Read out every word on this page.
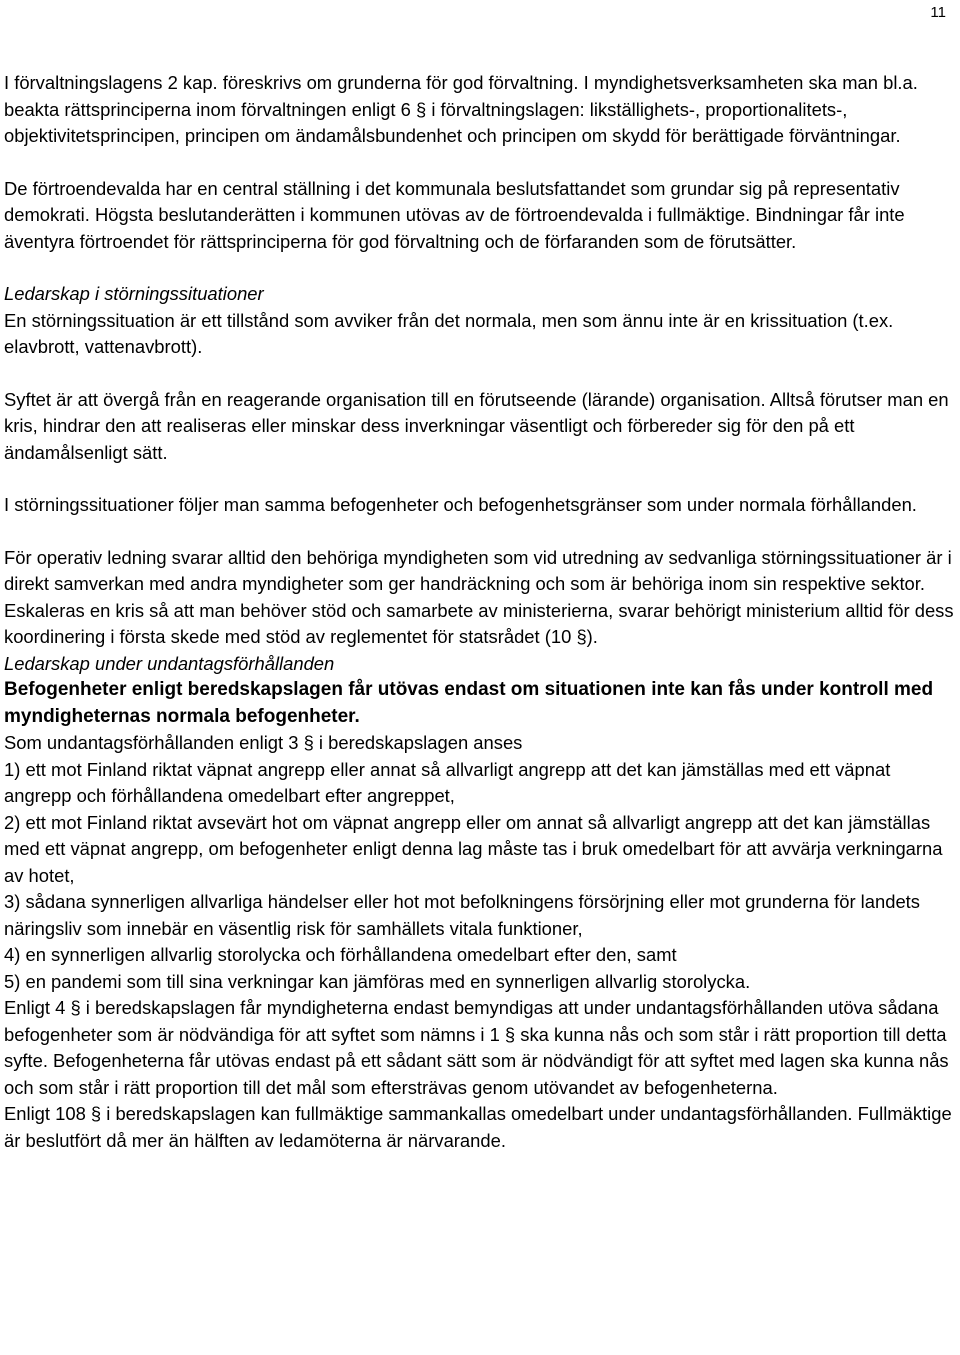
11

I förvaltningslagens 2 kap. föreskrivs om grunderna för god förvaltning. I myndighetsverksamheten ska man bl.a. beakta rättsprinciperna inom förvaltningen enligt 6 § i förvaltningslagen: likställighets-, proportionalitets-, objektivitetsprincipen, principen om ändamålsbundenhet och principen om skydd för berättigade förväntningar.

De förtroendevalda har en central ställning i det kommunala beslutsfattandet som grundar sig på representativ demokrati. Högsta beslutanderätten i kommunen utövas av de förtroendevalda i fullmäktige. Bindningar får inte äventyra förtroendet för rättsprinciperna för god förvaltning och de förfaranden som de förutsätter.

Ledarskap i störningssituationer

En störningssituation är ett tillstånd som avviker från det normala, men som ännu inte är en krissituation (t.ex. elavbrott, vattenavbrott).

Syftet är att övergå från en reagerande organisation till en förutseende (lärande) organisation. Alltså förutser man en kris, hindrar den att realiseras eller minskar dess inverkningar väsentligt och förbereder sig för den på ett ändamålsenligt sätt.

I störningssituationer följer man samma befogenheter och befogenhetsgränser som under normala förhållanden.

För operativ ledning svarar alltid den behöriga myndigheten som vid utredning av sedvanliga störningssituationer är i direkt samverkan med andra myndigheter som ger handräckning och som är behöriga inom sin respektive sektor. Eskaleras en kris så att man behöver stöd och samarbete av ministerierna, svarar behörigt ministerium alltid för dess koordinering i första skede med stöd av reglementet för statsrådet (10 §).

Ledarskap under undantagsförhållanden

Befogenheter enligt beredskapslagen får utövas endast om situationen inte kan fås under kontroll med myndigheternas normala befogenheter.

Som undantagsförhållanden enligt 3 § i beredskapslagen anses

1) ett mot Finland riktat väpnat angrepp eller annat så allvarligt angrepp att det kan jämställas med ett väpnat angrepp och förhållandena omedelbart efter angreppet,

2) ett mot Finland riktat avsevärt hot om väpnat angrepp eller om annat så allvarligt angrepp att det kan jämställas med ett väpnat angrepp, om befogenheter enligt denna lag måste tas i bruk omedelbart för att avvärja verkningarna av hotet,

3) sådana synnerligen allvarliga händelser eller hot mot befolkningens försörjning eller mot grunderna för landets näringsliv som innebär en väsentlig risk för samhällets vitala funktioner,

4) en synnerligen allvarlig storolycka och förhållandena omedelbart efter den, samt

5) en pandemi som till sina verkningar kan jämföras med en synnerligen allvarlig storolycka.

Enligt 4 § i beredskapslagen får myndigheterna endast bemyndigas att under undantagsförhållanden utöva sådana befogenheter som är nödvändiga för att syftet som nämns i 1 § ska kunna nås och som står i rätt proportion till detta syfte. Befogenheterna får utövas endast på ett sådant sätt som är nödvändigt för att syftet med lagen ska kunna nås och som står i rätt proportion till det mål som eftersträvas genom utövandet av befogenheterna.

Enligt 108 § i beredskapslagen kan fullmäktige sammankallas omedelbart under undantagsförhållanden. Fullmäktige är beslutfört då mer än hälften av ledamöterna är närvarande.
